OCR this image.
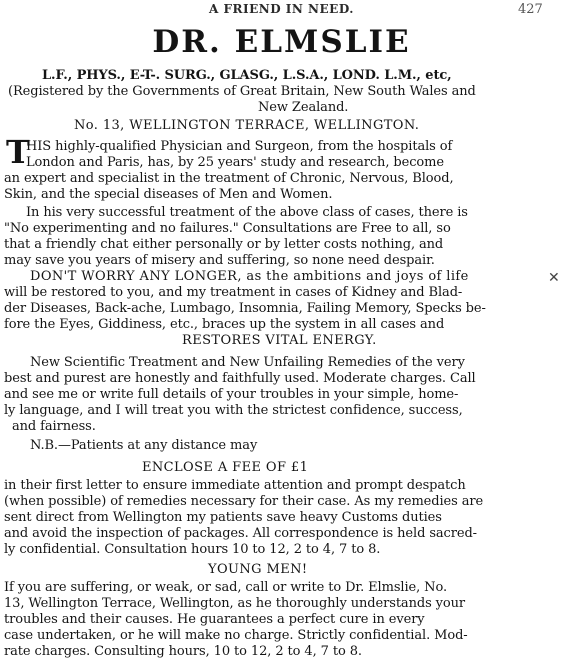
A FRIEND IN NEED.	427
DR. ELMSLIE
L.F., PHYS., E-T-. SURG., GLASG., L.S.A., LOND. L.M., etc,
(Registered by the Governments of Great Britain, New South Wales and
New Zealand.
No. 13, WELLINGTON TERRACE, WELLINGTON.
T
HIS highly-qualified Physician and Surgeon, from the hospitals of
London and Paris, has, by 25 years' study and research, become
an expert and specialist in the treatment of Chronic, Nervous, Blood,
Skin, and the special diseases of Men and Women.
In his very successful treatment of the above class of cases, there is
"No experimenting and no failures." Consultations are Free to all, so
that a friendly chat either personally or by letter costs nothing, and
may save you years of misery and suffering, so none need despair.
DON'T WORRY ANY LONGER, as the ambitions and joys of life
will be restored to you, and my treatment in cases of Kidney and Blad-
der Diseases, Back-ache, Lumbago, Insomnia, Failing Memory, Specks be-
fore the Eyes, Giddiness, etc., braces up the system in all cases and
RESTORES VITAL ENERGY.
New Scientific Treatment and New Unfailing Remedies of the very
best and purest are honestly and faithfully used. Moderate charges. Call
and see me or write full details of your troubles in your simple, home-
ly language, and I will treat you with the strictest confidence, success,
and fairness.
N.B.—Patients at any distance may
ENCLOSE A FEE OF £1
in their first letter to ensure immediate attention and prompt despatch
(when possible) of remedies necessary for their case. As my remedies are
sent direct from Wellington my patients save heavy Customs duties
and avoid the inspection of packages. All correspondence is held sacred-
ly confidential. Consultation hours 10 to 12, 2 to 4, 7 to 8.
YOUNG MEN!
If you are suffering, or weak, or sad, call or write to Dr. Elmslie, No.
13, Wellington Terrace, Wellington, as he thoroughly understands your
troubles and their causes. He guarantees a perfect cure in every
case undertaken, or he will make no charge. Strictly confidential. Mod-
rate charges. Consulting hours, 10 to 12, 2 to 4, 7 to 8.
✕
